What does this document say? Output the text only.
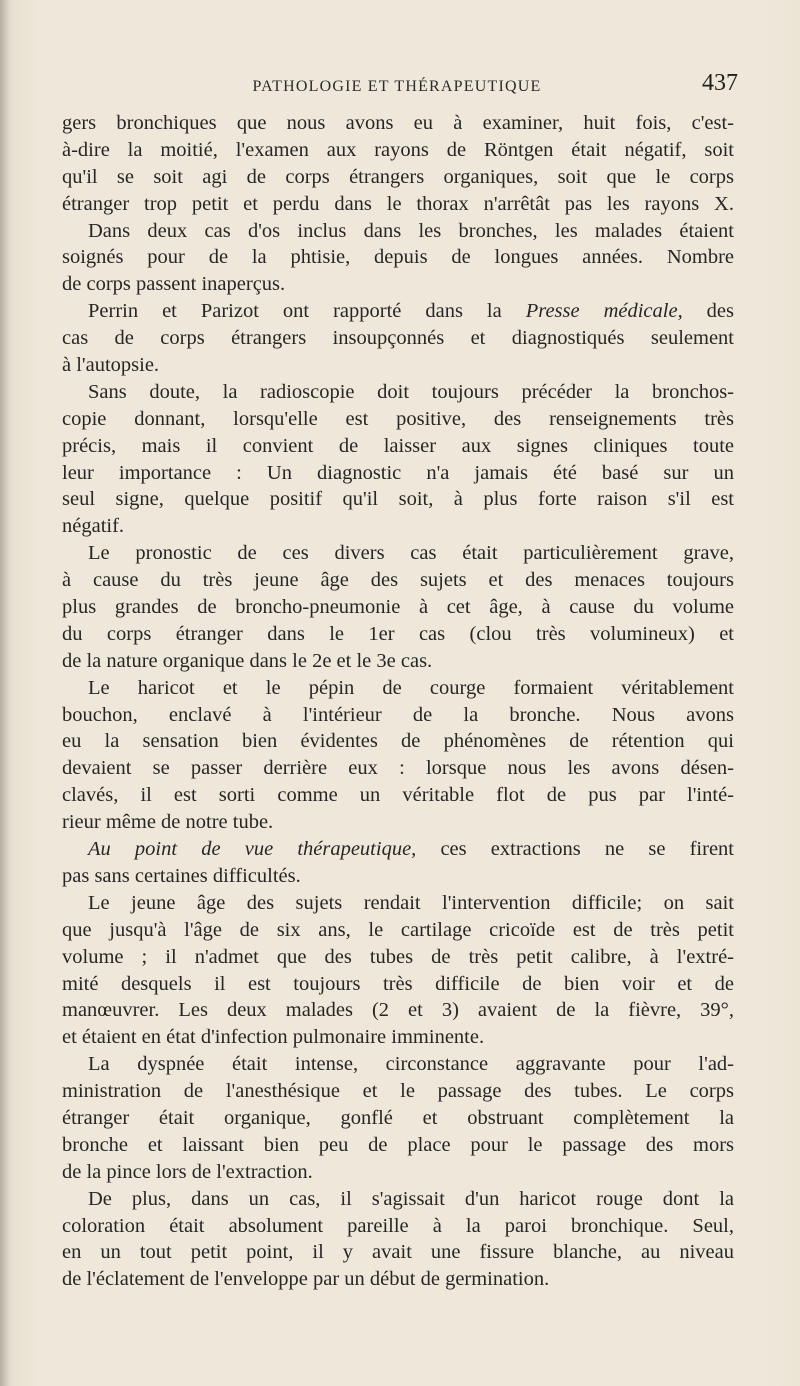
PATHOLOGIE ET THÉRAPEUTIQUE	437
gers bronchiques que nous avons eu à examiner, huit fois, c'est-
à-dire la moitié, l'examen aux rayons de Röntgen était négatif, soit
qu'il se soit agi de corps étrangers organiques, soit que le corps
étranger trop petit et perdu dans le thorax n'arrêtât pas les rayons X.
Dans deux cas d'os inclus dans les bronches, les malades étaient
soignés pour de la phtisie, depuis de longues années. Nombre
de corps passent inaperçus.
Perrin et Parizot ont rapporté dans la Presse médicale, des
cas de corps étrangers insoupçonnés et diagnostiqués seulement
à l'autopsie.
Sans doute, la radioscopie doit toujours précéder la bronchos-
copie donnant, lorsqu'elle est positive, des renseignements très
précis, mais il convient de laisser aux signes cliniques toute
leur importance : Un diagnostic n'a jamais été basé sur un
seul signe, quelque positif qu'il soit, à plus forte raison s'il est
négatif.
Le pronostic de ces divers cas était particulièrement grave,
à cause du très jeune âge des sujets et des menaces toujours
plus grandes de broncho-pneumonie à cet âge, à cause du volume
du corps étranger dans le 1er cas (clou très volumineux) et
de la nature organique dans le 2e et le 3e cas.
Le haricot et le pépin de courge formaient véritablement
bouchon, enclavé à l'intérieur de la bronche. Nous avons
eu la sensation bien évidentes de phénomènes de rétention qui
devaient se passer derrière eux : lorsque nous les avons désen-
clavés, il est sorti comme un véritable flot de pus par l'inté-
rieur même de notre tube.
Au point de vue thérapeutique, ces extractions ne se firent
pas sans certaines difficultés.
Le jeune âge des sujets rendait l'intervention difficile; on sait
que jusqu'à l'âge de six ans, le cartilage cricoïde est de très petit
volume ; il n'admet que des tubes de très petit calibre, à l'extré-
mité desquels il est toujours très difficile de bien voir et de
manœuvrer. Les deux malades (2 et 3) avaient de la fièvre, 39°,
et étaient en état d'infection pulmonaire imminente.
La dyspnée était intense, circonstance aggravante pour l'ad-
ministration de l'anesthésique et le passage des tubes. Le corps
étranger était organique, gonflé et obstruant complètement la
bronche et laissant bien peu de place pour le passage des mors
de la pince lors de l'extraction.
De plus, dans un cas, il s'agissait d'un haricot rouge dont la
coloration était absolument pareille à la paroi bronchique. Seul,
en un tout petit point, il y avait une fissure blanche, au niveau
de l'éclatement de l'enveloppe par un début de germination.
